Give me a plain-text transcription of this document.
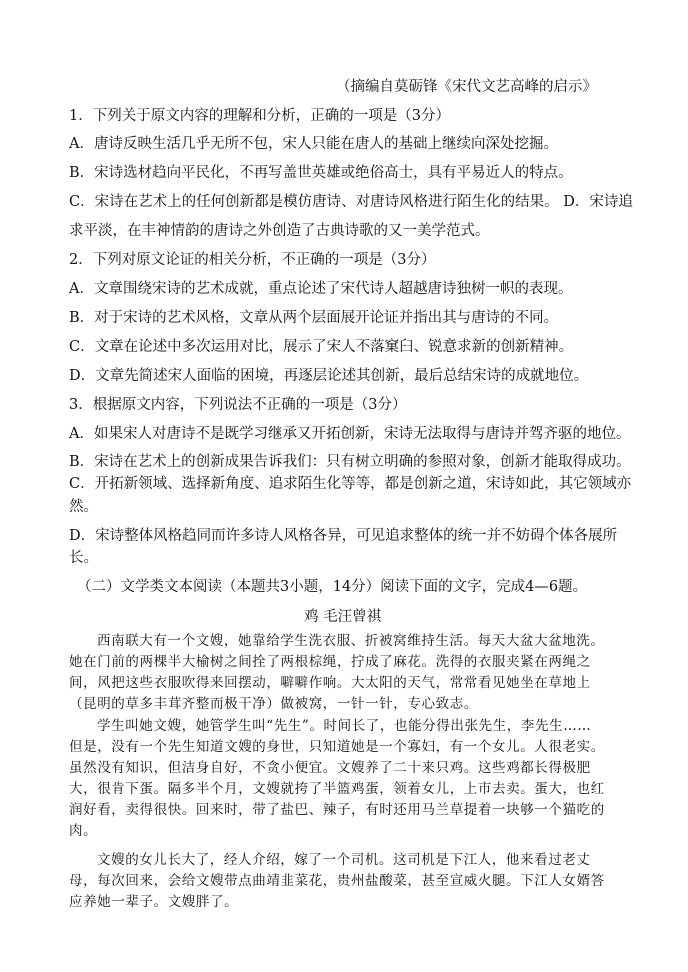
（摘编自莫砺锋《宋代文艺高峰的启示》
1．下列关于原文内容的理解和分析，正确的一项是（3分）
A．唐诗反映生活几乎无所不包，宋人只能在唐人的基础上继续向深处挖掘。
B．宋诗选材趋向平民化，不再写盖世英雄或绝俗高士，具有平易近人的特点。
C．宋诗在艺术上的任何创新都是模仿唐诗、对唐诗风格进行陌生化的结果。 D．宋诗追
求平淡，在丰神情韵的唐诗之外创造了古典诗歌的又一美学范式。
2．下列对原文论证的相关分析，不正确的一项是（3分）
A．文章围绕宋诗的艺术成就，重点论述了宋代诗人超越唐诗独树一帜的表现。
B．对于宋诗的艺术风格，文章从两个层面展开论证并指出其与唐诗的不同。
C．文章在论述中多次运用对比，展示了宋人不落窠臼、锐意求新的创新精神。
D．文章先简述宋人面临的困境，再逐层论述其创新，最后总结宋诗的成就地位。
3．根据原文内容，下列说法不正确的一项是（3分）
A．如果宋人对唐诗不是既学习继承又开拓创新，宋诗无法取得与唐诗并驾齐驱的地位。
B．宋诗在艺术上的创新成果告诉我们：只有树立明确的参照对象，创新才能取得成功。
C．开拓新领域、选择新角度、追求陌生化等等，都是创新之道，宋诗如此，其它领域亦
然。
D．宋诗整体风格趋同而许多诗人风格各异，可见追求整体的统一并不妨碍个体各展所
长。
（二）文学类文本阅读（本题共3小题，14分）阅读下面的文字，完成4—6题。
鸡 毛汪曾祺
西南联大有一个文嫂，她靠给学生洗衣服、折被窝维持生活。每天大盆大盆地洗。
她在门前的两棵半大榆树之间拴了两根棕绳，拧成了麻花。洗得的衣服夹紧在两绳之
间，风把这些衣服吹得来回摆动，噼噼作响。大太阳的天气，常常看见她坐在草地上
（昆明的草多丰茸齐整而极干净）做被窝，一针一针，专心致志。
学生叫她文嫂，她管学生叫“先生”。时间长了，也能分得出张先生，李先生……
但是，没有一个先生知道文嫂的身世，只知道她是一个寡妇，有一个女儿。人很老实。
虽然没有知识，但洁身自好，不贪小便宜。文嫂养了二十来只鸡。这些鸡都长得极肥
大，很肯下蛋。隔多半个月，文嫂就挎了半篮鸡蛋，领着女儿，上市去卖。蛋大，也红
润好看，卖得很快。回来时，带了盐巴、辣子，有时还用马兰草提着一块够一个猫吃的
肉。
文嫂的女儿长大了，经人介绍，嫁了一个司机。这司机是下江人，他来看过老丈
母，每次回来，会给文嫂带点曲靖韭菜花，贵州盐酸菜，甚至宣威火腿。下江人女婿答
应养她一辈子。文嫂胖了。
